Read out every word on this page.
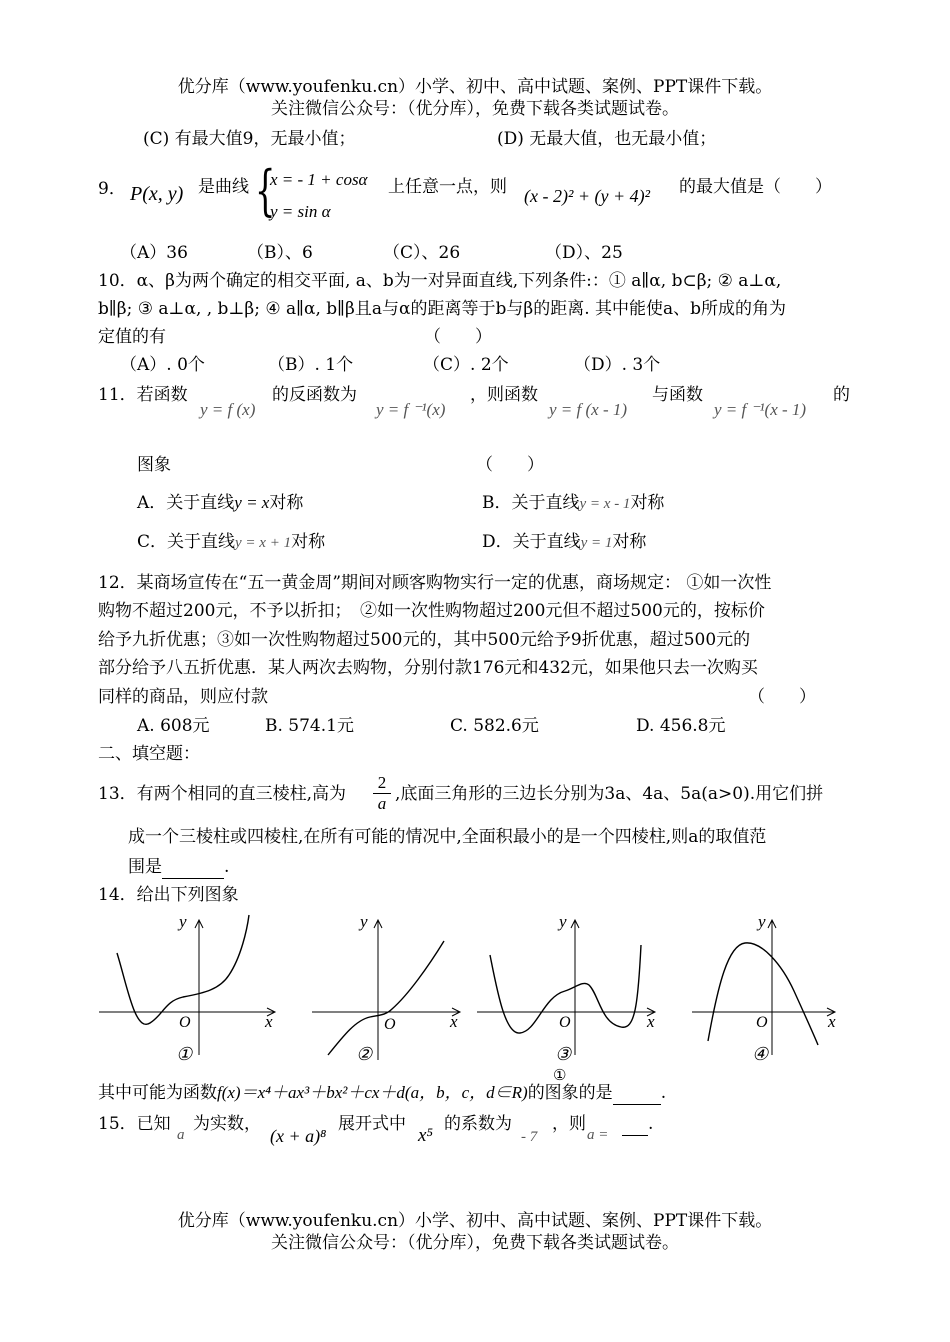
优分库（www.youfenku.cn）小学、初中、高中试题、案例、PPT课件下载。
关注微信公众号：（优分库），免费下载各类试题试卷。
(C) 有最大值9，无最小值；	(D) 无最大值，也无最小值；
9． P(x, y) 是曲线 {
x = - 1 + cosα
y = sin α
上任意一点，则 (x - 2)² + (y + 4)² 的最大值是（　　）
（A）36	（B）、6	（C）、26	（D）、25
10．α、β为两个确定的相交平面, a、b为一对异面直线,下列条件:：① a∥α, b⊂β; ② a⊥α,
b∥β; ③ a⊥α, , b⊥β; ④ a∥α, b∥β且a与α的距离等于b与β的距离. 其中能使a、b所成的角为
定值的有	（　　）
（A）. 0个	（B）. 1个	（C）. 2个	（D）. 3个
11．若函数
y = f (x)
的反函数为
y = f ⁻¹(x)
，则函数
y = f (x - 1)
与函数
y = f ⁻¹(x - 1)
的
图象	（　　）
A．关于直线y = x对称	B．关于直线y = x - 1对称
C．关于直线y = x + 1对称	D．关于直线y = 1对称
12．某商场宣传在“五一黄金周”期间对顾客购物实行一定的优惠，商场规定： ①如一次性
购物不超过200元，不予以折扣；　②如一次性购物超过200元但不超过500元的，按标价
给予九折优惠；③如一次性购物超过500元的，其中500元给予9折优惠，超过500元的
部分给予八五折优惠．某人两次去购物，分别付款176元和432元，如果他只去一次购买
同样的商品，则应付款	（　　）
A. 608元	B. 574.1元	C. 582.6元	D. 456.8元
二、填空题：
13．有两个相同的直三棱柱,高为 $\frac{2}{a}$ ,底面三角形的三边长分别为3a、4a、5a(a>0).用它们拼
成一个三棱柱或四棱柱,在所有可能的情况中,全面积最小的是一个四棱柱,则a的取值范
围是	.
14．给出下列图象
O	x
y
①
O	x
y
②
O	x
y
③
O	x
y
④
①
其中可能为函数f(x)＝x⁴＋ax³＋bx²＋cx＋d(a，b，c，d∈R)的图象的是	.
15．已知
a
为实数，
(x + a)⁸
展开式中
x⁵
的系数为
- 7
，则
a =
.
优分库（www.youfenku.cn）小学、初中、高中试题、案例、PPT课件下载。
关注微信公众号：（优分库），免费下载各类试题试卷。
